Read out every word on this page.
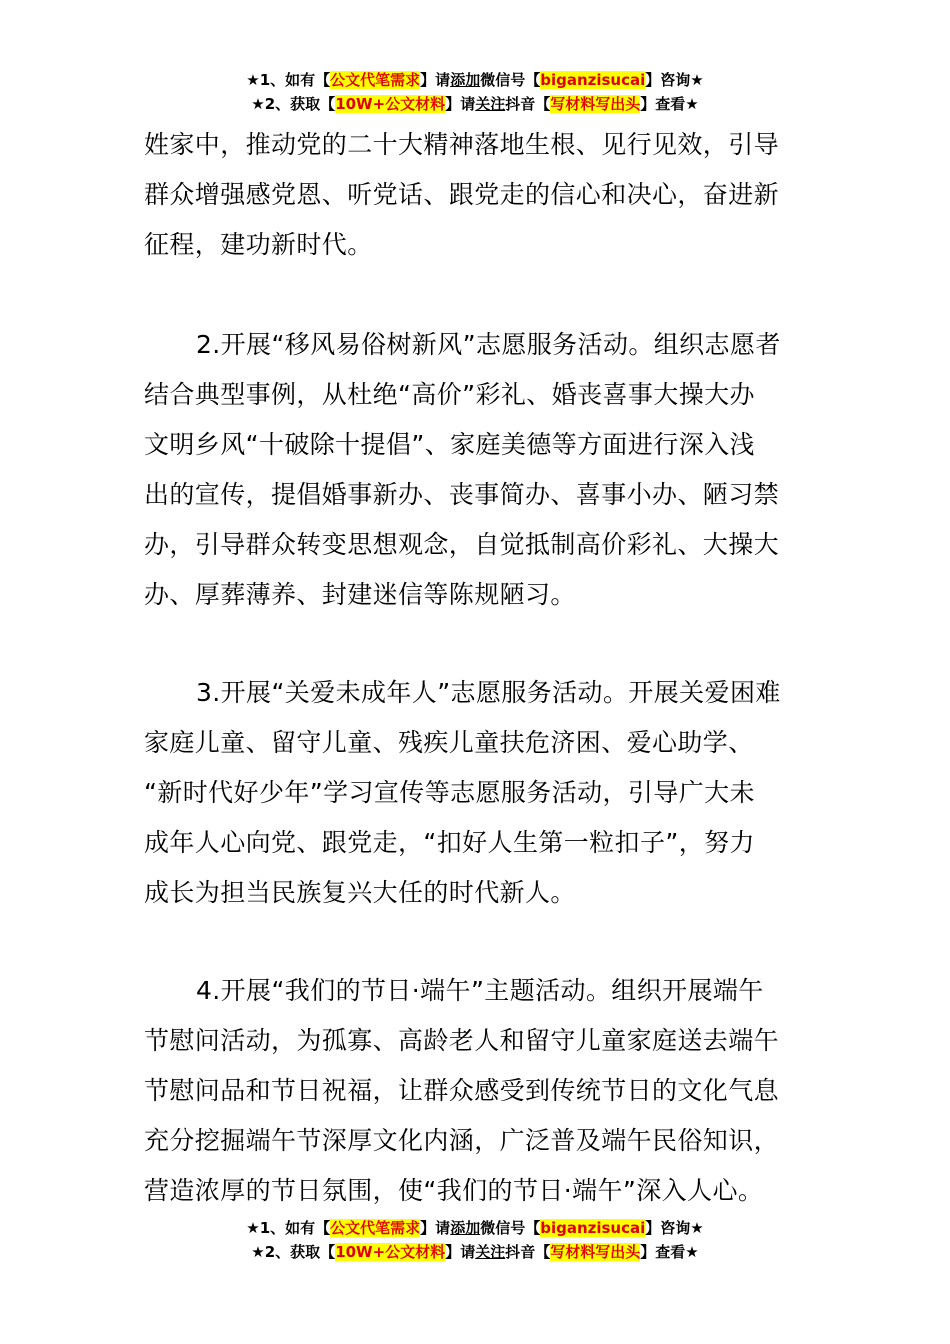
★1、如有【公文代笔需求】请添加微信号【biganzisucai】咨询★
★2、获取【10W+公文材料】请关注抖音【写材料写出头】查看★
姓家中，推动党的二十大精神落地生根、见行见效，引导
群众增强感党恩、听党话、跟党走的信心和决心，奋进新
征程，建功新时代。
2.开展“移风易俗树新风”志愿服务活动。组织志愿者
结合典型事例，从杜绝“高价”彩礼、婚丧喜事大操大办
文明乡风“十破除十提倡”、家庭美德等方面进行深入浅
出的宣传，提倡婚事新办、丧事简办、喜事小办、陋习禁
办，引导群众转变思想观念，自觉抵制高价彩礼、大操大
办、厚葬薄养、封建迷信等陈规陋习。
3.开展“关爱未成年人”志愿服务活动。开展关爱困难
家庭儿童、留守儿童、残疾儿童扶危济困、爱心助学、
“新时代好少年”学习宣传等志愿服务活动，引导广大未
成年人心向党、跟党走，“扣好人生第一粒扣子”，努力
成长为担当民族复兴大任的时代新人。
4.开展“我们的节日·端午”主题活动。组织开展端午
节慰问活动，为孤寡、高龄老人和留守儿童家庭送去端午
节慰问品和节日祝福，让群众感受到传统节日的文化气息
充分挖掘端午节深厚文化内涵，广泛普及端午民俗知识，
营造浓厚的节日氛围，使“我们的节日·端午”深入人心。
★1、如有【公文代笔需求】请添加微信号【biganzisucai】咨询★
★2、获取【10W+公文材料】请关注抖音【写材料写出头】查看★
